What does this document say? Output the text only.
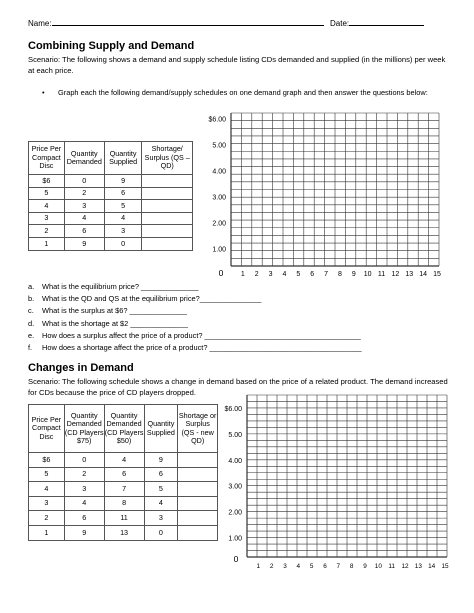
Name:	Date:
Combining Supply and Demand
Scenario: The following shows a demand and supply schedule listing CDs demanded and supplied (in the millions) per week at each price.
• Graph each the following demand/supply schedules on one demand graph and then answer the questions below:
Price Per Compact Disc	Quantity Demanded	Quantity Supplied	Shortage/ Surplus (QS – QD)
$6	0	9	
5	2	6	
4	3	5	
3	4	4	
2	6	3	
1	9	0	
$6.00
5.00
4.00
3.00
2.00
1.00
0	1 2 3 4 5 6 7 8 9 10 11 12 13 14 15
a.	What is the equilibrium price? ______________
b.	What is the QD and QS at the equilibrium price?_______________
c.	What is the surplus at $6? ______________
d.	What is the shortage at $2 ______________
e.	How does a surplus affect the price of a product? ______________________________________
f.	How does a shortage affect the price of a product? _____________________________________
Changes in Demand
Scenario: The following schedule shows a change in demand based on the price of a related product. The demand increased for CDs because the price of CD players dropped.
Price Per Compact Disc	Quantity Demanded (CD Players $75)	Quantity Demanded (CD Players $50)	Quantity Supplied	Shortage or Surplus (QS - new QD)
$6	0	4	9	
5	2	6	6	
4	3	7	5	
3	4	8	4	
2	6	11	3	
1	9	13	0	
$6.00
5.00
4.00
3.00
2.00
1.00
0
1 2 3 4 5 6 7 8 9 10 11 12 13 14 15
